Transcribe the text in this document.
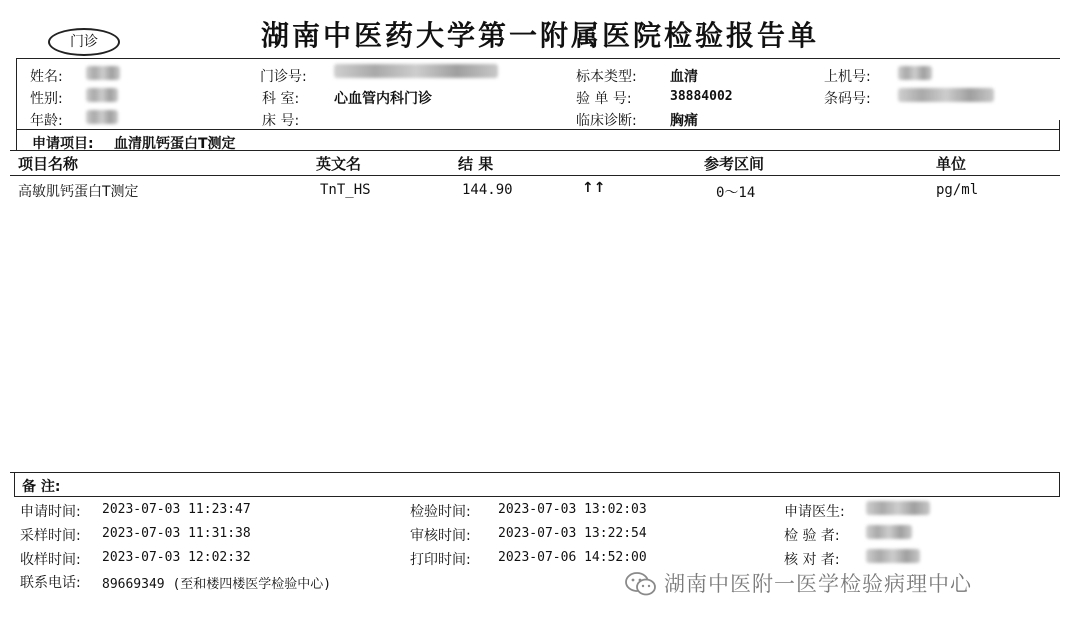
门诊	湖南中医药大学第一附属医院检验报告单
姓名:
性别:
年龄:
门诊号:
科 室: 心血管内科门诊
床 号:
标本类型: 血清
验 单 号:	38884002
临床诊断: 胸痛
上机号:
条码号:
申请项目: 血清肌钙蛋白T测定
项目名称	英文名	结 果	参考区间	单位
高敏肌钙蛋白T测定	TnT_HS	144.90	↑↑	0～14	pg/ml
备 注:
申请时间: 2023-07-03 11:23:47
采样时间: 2023-07-03 11:31:38
收样时间: 2023-07-03 12:02:32
联系电话: 89669349 (至和楼四楼医学检验中心)
检验时间: 2023-07-03 13:02:03
审核时间: 2023-07-03 13:22:54
打印时间: 2023-07-06 14:52:00
申请医生:
检 验 者:
核 对 者:
湖南中医附一医学检验病理中心
